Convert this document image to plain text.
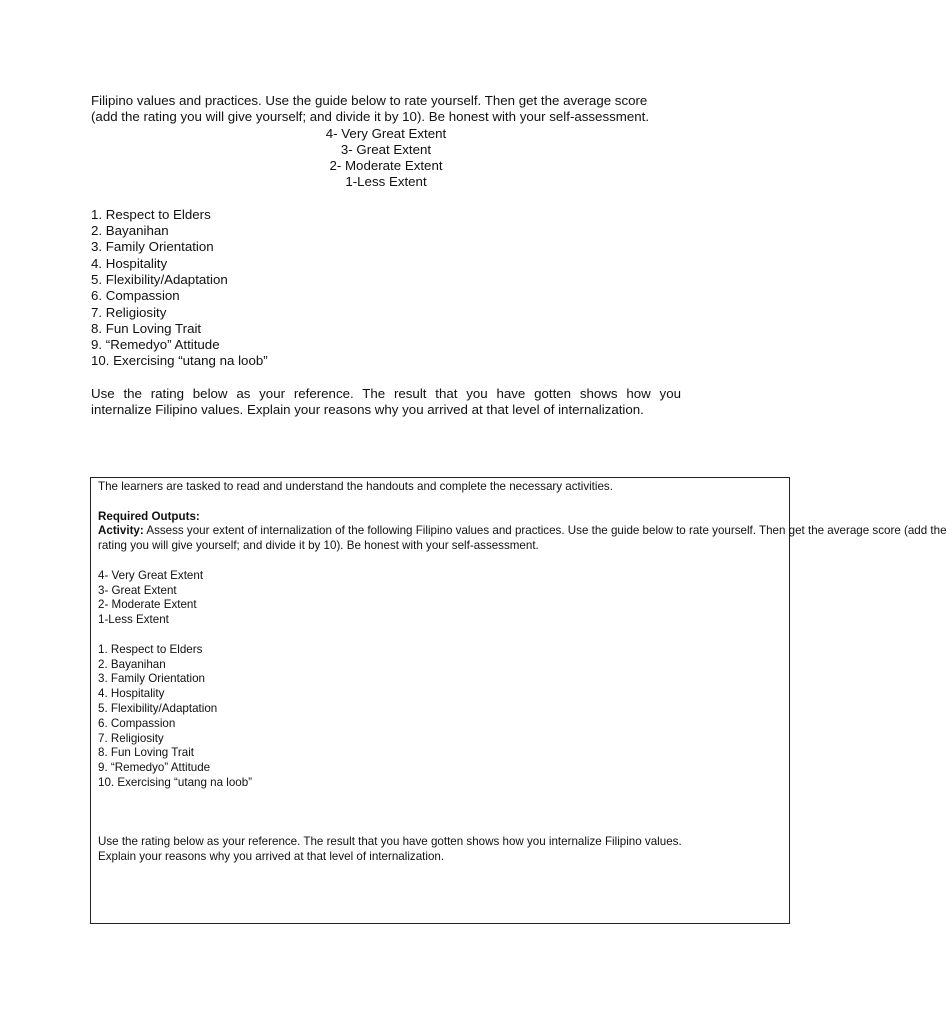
Filipino values and practices. Use the guide below to rate yourself. Then get the average score
(add the rating you will give yourself; and divide it by 10). Be honest with your self-assessment.
4- Very Great Extent
3- Great Extent
2- Moderate Extent
1-Less Extent
1. Respect to Elders
2. Bayanihan
3. Family Orientation
4. Hospitality
5. Flexibility/Adaptation
6. Compassion
7. Religiosity
8. Fun Loving Trait
9. “Remedyo” Attitude
10. Exercising “utang na loob”
Use the rating below as your reference. The result that you have gotten shows how you
internalize Filipino values. Explain your reasons why you arrived at that level of internalization.
The learners are tasked to read and understand the handouts and complete the necessary activities.
Required Outputs:
Activity: Assess your extent of internalization of the following Filipino values and practices. Use the guide below to rate yourself. Then get the average score (add the
rating you will give yourself; and divide it by 10). Be honest with your self-assessment.
4- Very Great Extent
3- Great Extent
2- Moderate Extent
1-Less Extent
1. Respect to Elders
2. Bayanihan
3. Family Orientation
4. Hospitality
5. Flexibility/Adaptation
6. Compassion
7. Religiosity
8. Fun Loving Trait
9. “Remedyo” Attitude
10. Exercising “utang na loob”
Use the rating below as your reference. The result that you have gotten shows how you internalize Filipino values.
Explain your reasons why you arrived at that level of internalization.
